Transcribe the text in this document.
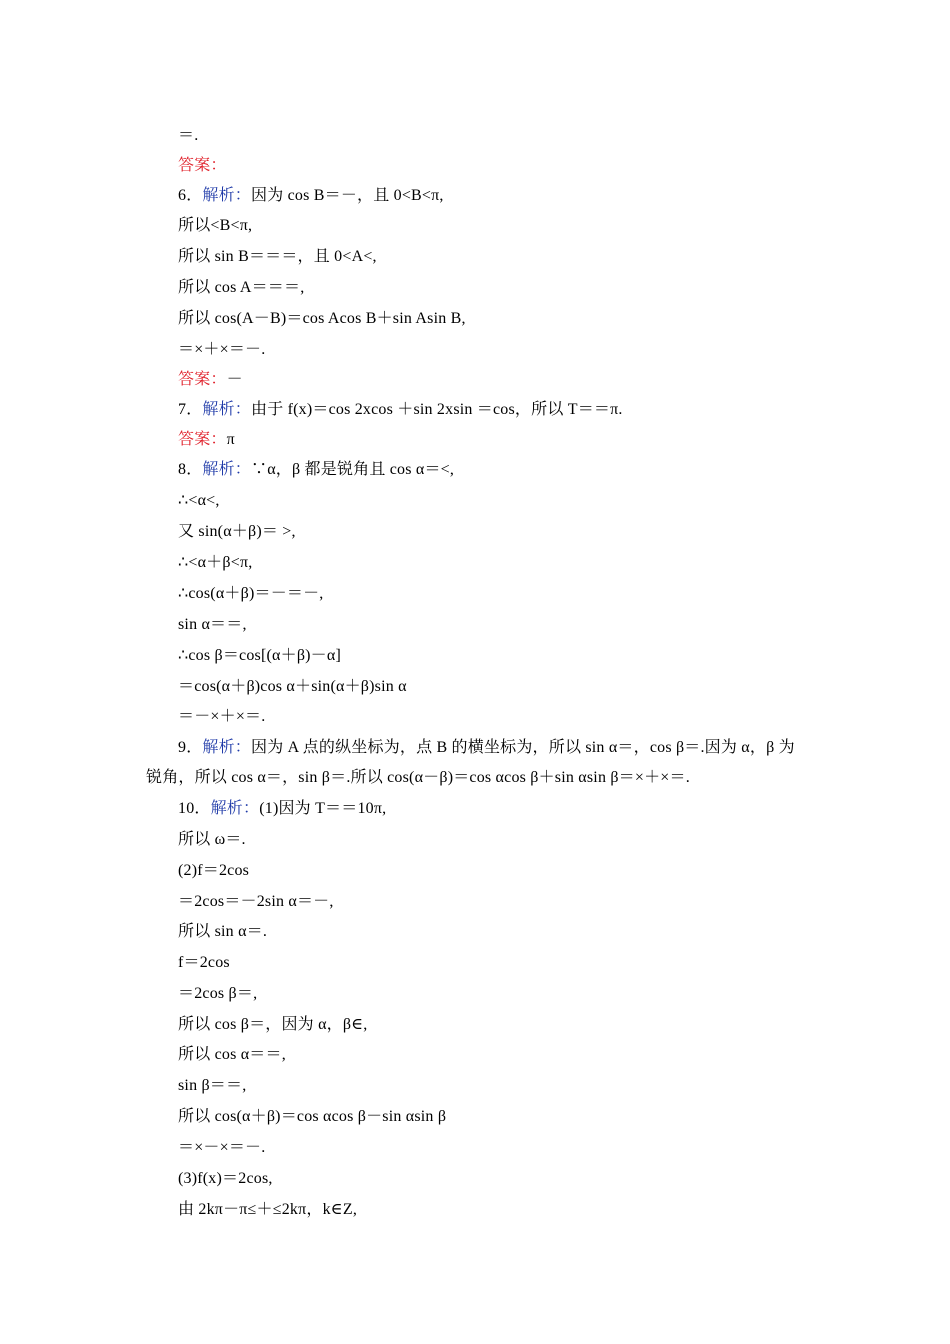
＝.
答案：
6．解析：因为 cos B＝－，且 0<B<π,
所以<B<π,
所以 sin B＝＝＝，且 0<A<,
所以 cos A＝＝＝,
所以 cos(A－B)＝cos Acos B＋sin Asin B,
＝×＋×＝－.
答案：－
7．解析：由于 f(x)＝cos 2xcos ＋sin 2xsin ＝cos，所以 T＝＝π.
答案：π
8．解析：∵α，β 都是锐角且 cos α＝<,
∴<α<,
又 sin(α＋β)＝ >,
∴<α＋β<π,
∴cos(α＋β)＝－＝－,
sin α＝＝,
∴cos β＝cos[(α＋β)－α]
＝cos(α＋β)cos α＋sin(α＋β)sin α
＝－×＋×＝.
9．解析：因为 A 点的纵坐标为，点 B 的横坐标为，所以 sin α＝，cos β＝.因为 α，β 为
锐角，所以 cos α＝，sin β＝.所以 cos(α－β)＝cos αcos β＋sin αsin β＝×＋×＝.
10．解析：(1)因为 T＝＝10π,
所以 ω＝.
(2)f＝2cos
＝2cos＝－2sin α＝－,
所以 sin α＝.
f＝2cos
＝2cos β＝,
所以 cos β＝，因为 α，β∈,
所以 cos α＝＝,
sin β＝＝,
所以 cos(α＋β)＝cos αcos β－sin αsin β
＝×－×＝－.
(3)f(x)＝2cos,
由 2kπ－π≤＋≤2kπ，k∈Z,
